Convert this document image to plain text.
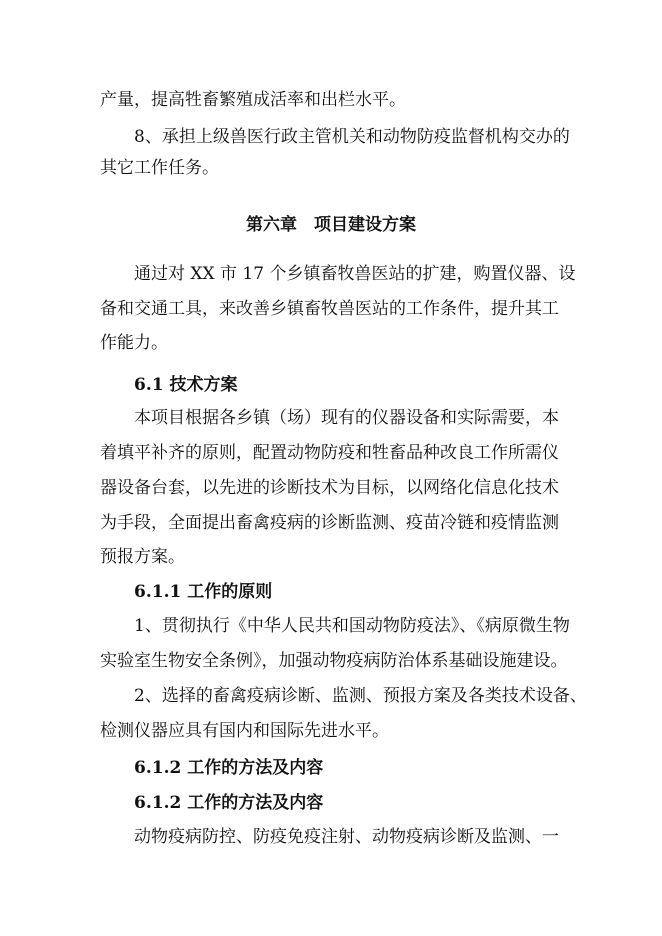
产量，提高牲畜繁殖成活率和出栏水平。
8、承担上级兽医行政主管机关和动物防疫监督机构交办的
其它工作任务。
第六章　项目建设方案
通过对 XX 市 17 个乡镇畜牧兽医站的扩建，购置仪器、设
备和交通工具，来改善乡镇畜牧兽医站的工作条件，提升其工
作能力。
6.1 技术方案
本项目根据各乡镇（场）现有的仪器设备和实际需要，本
着填平补齐的原则，配置动物防疫和牲畜品种改良工作所需仪
器设备台套，以先进的诊断技术为目标，以网络化信息化技术
为手段，全面提出畜禽疫病的诊断监测、疫苗冷链和疫情监测
预报方案。
6.1.1 工作的原则
1、贯彻执行《中华人民共和国动物防疫法》、《病原微生物
实验室生物安全条例》，加强动物疫病防治体系基础设施建设。
2、选择的畜禽疫病诊断、监测、预报方案及各类技术设备、
检测仪器应具有国内和国际先进水平。
6.1.2 工作的方法及内容
6.1.2 工作的方法及内容
动物疫病防控、防疫免疫注射、动物疫病诊断及监测、一
